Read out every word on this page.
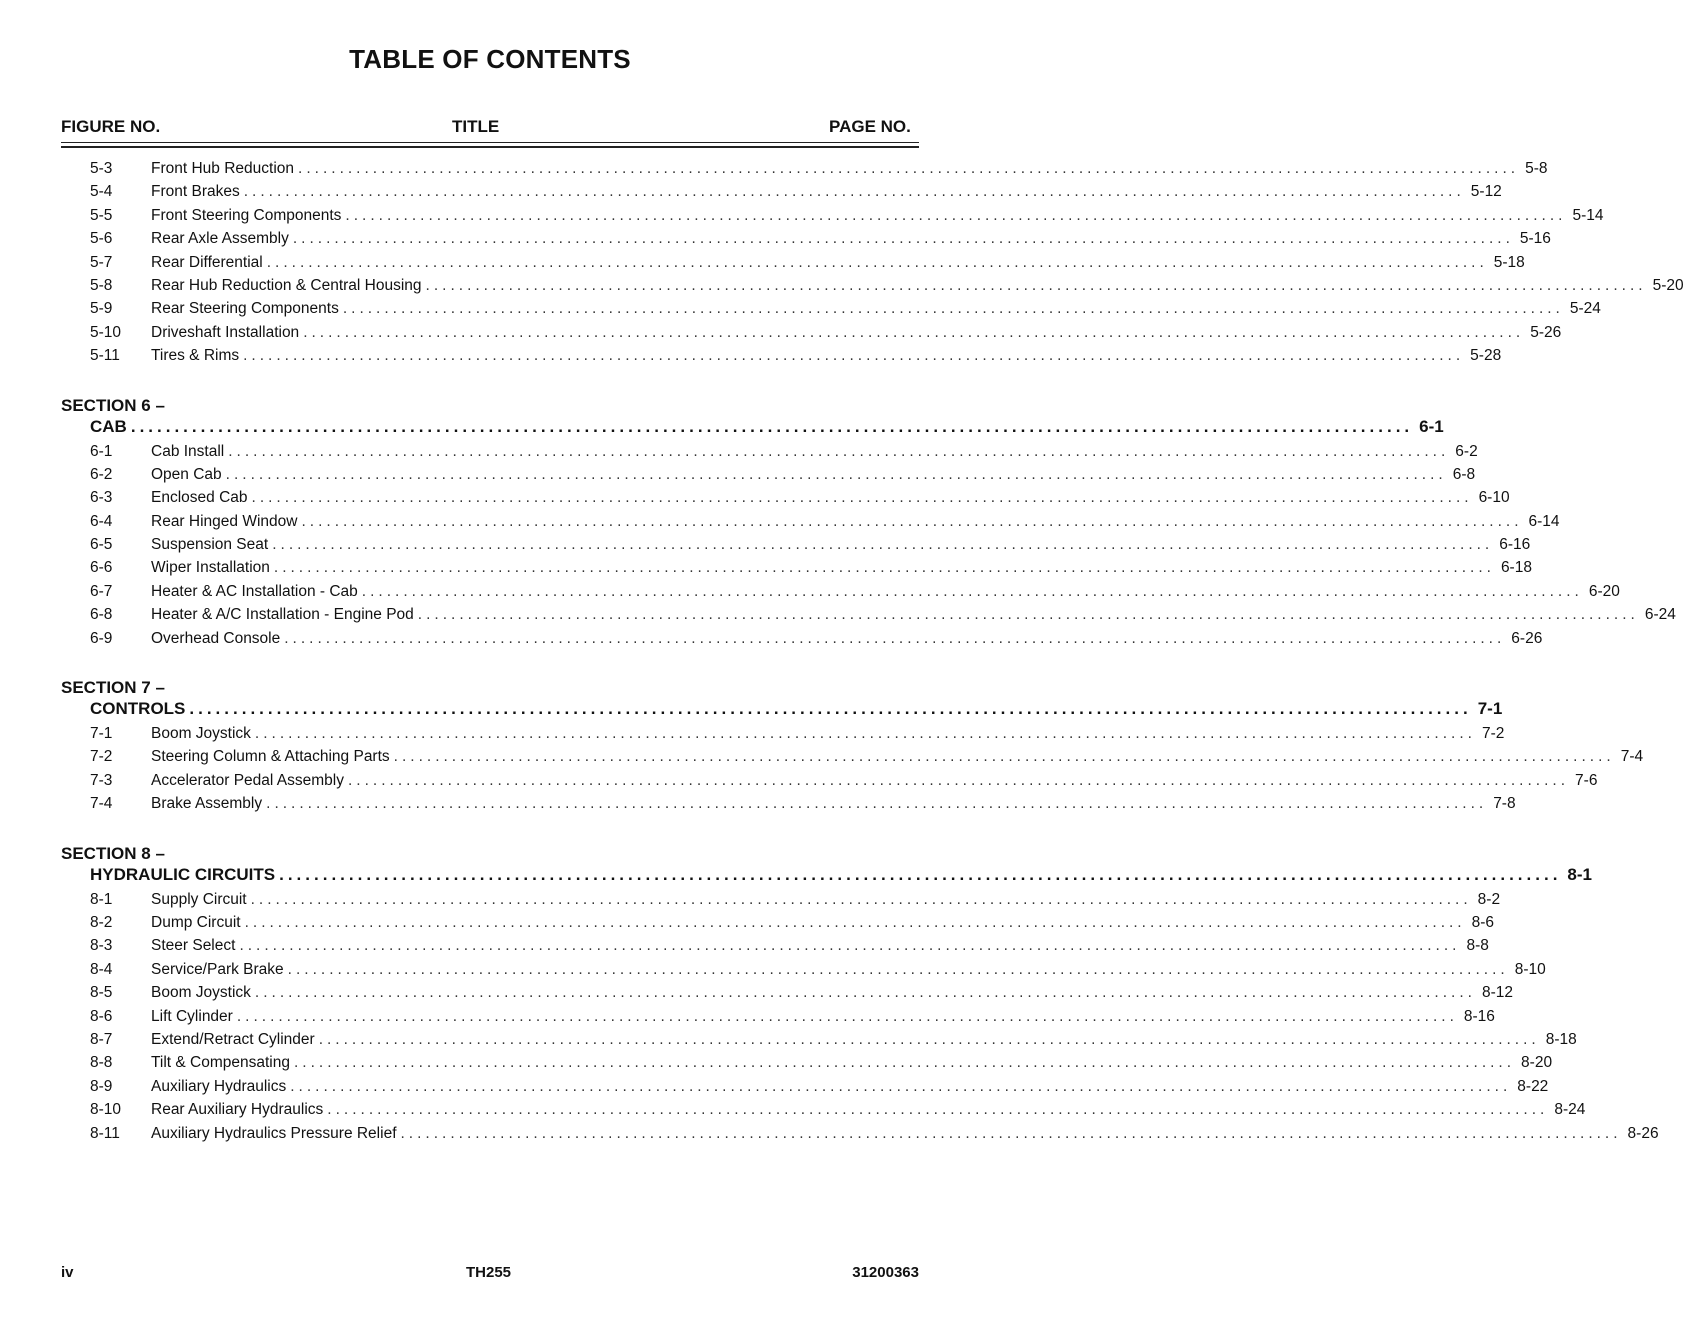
TABLE OF CONTENTS
FIGURE NO.	TITLE	PAGE NO.
5-3 Front Hub Reduction ................................................................................................................................................... 5-8
5-4 Front Brakes ................................................................................................................................................... 5-12
5-5 Front Steering Components ................................................................................................................................................... 5-14
5-6 Rear Axle Assembly ................................................................................................................................................... 5-16
5-7 Rear Differential ................................................................................................................................................... 5-18
5-8 Rear Hub Reduction & Central Housing ................................................................................................................................................... 5-20
5-9 Rear Steering Components ................................................................................................................................................... 5-24
5-10 Driveshaft Installation ................................................................................................................................................... 5-26
5-11 Tires & Rims ................................................................................................................................................... 5-28
SECTION 6 –
CAB ................................................................................................................................................... 6-1
6-1 Cab Install ................................................................................................................................................... 6-2
6-2 Open Cab ................................................................................................................................................... 6-8
6-3 Enclosed Cab ................................................................................................................................................... 6-10
6-4 Rear Hinged Window ................................................................................................................................................... 6-14
6-5 Suspension Seat ................................................................................................................................................... 6-16
6-6 Wiper Installation ................................................................................................................................................... 6-18
6-7 Heater & AC Installation - Cab ................................................................................................................................................... 6-20
6-8 Heater & A/C Installation - Engine Pod ................................................................................................................................................... 6-24
6-9 Overhead Console ................................................................................................................................................... 6-26
SECTION 7 –
CONTROLS ................................................................................................................................................... 7-1
7-1 Boom Joystick ................................................................................................................................................... 7-2
7-2 Steering Column & Attaching Parts ................................................................................................................................................... 7-4
7-3 Accelerator Pedal Assembly ................................................................................................................................................... 7-6
7-4 Brake Assembly ................................................................................................................................................... 7-8
SECTION 8 –
HYDRAULIC CIRCUITS ................................................................................................................................................... 8-1
8-1 Supply Circuit ................................................................................................................................................... 8-2
8-2 Dump Circuit ................................................................................................................................................... 8-6
8-3 Steer Select ................................................................................................................................................... 8-8
8-4 Service/Park Brake ................................................................................................................................................... 8-10
8-5 Boom Joystick ................................................................................................................................................... 8-12
8-6 Lift Cylinder ................................................................................................................................................... 8-16
8-7 Extend/Retract Cylinder ................................................................................................................................................... 8-18
8-8 Tilt & Compensating ................................................................................................................................................... 8-20
8-9 Auxiliary Hydraulics ................................................................................................................................................... 8-22
8-10 Rear Auxiliary Hydraulics ................................................................................................................................................... 8-24
8-11 Auxiliary Hydraulics Pressure Relief ................................................................................................................................................... 8-26
iv	TH255	31200363
